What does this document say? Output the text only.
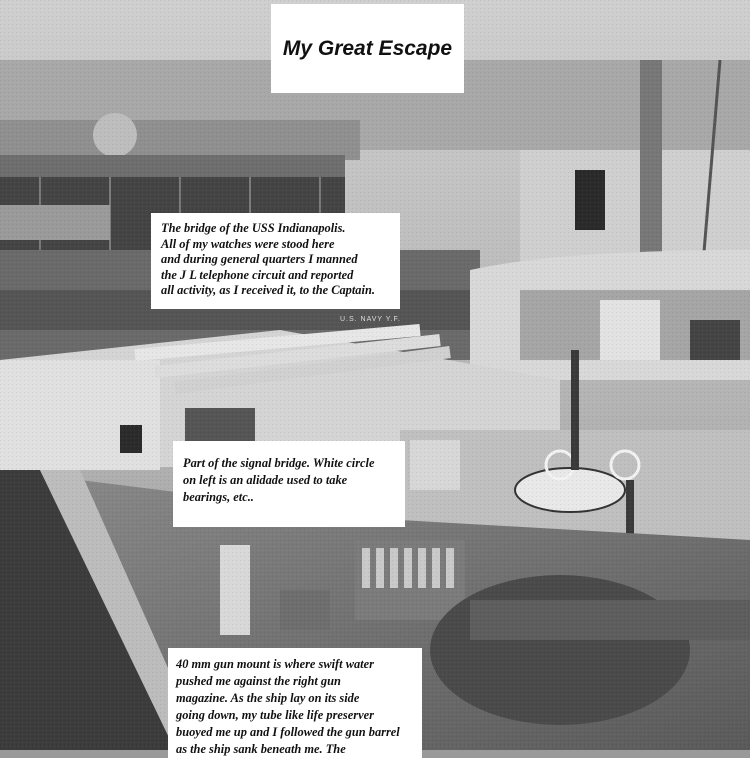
My Great Escape
The bridge of the USS Indianapolis.
All of my watches were stood here
and during general quarters I manned
the J L telephone circuit and reported
all activity, as I received it, to the Captain.
Part of the signal bridge. White circle
on left is an alidade used to take
bearings, etc..
40 mm gun mount is where swift water
pushed me against the right gun
magazine. As the ship lay on its side
going down, my tube like life preserver
buoyed me up and I followed the gun barrel
as the ship sank beneath me. The
U.S. NAVY Y.F.
